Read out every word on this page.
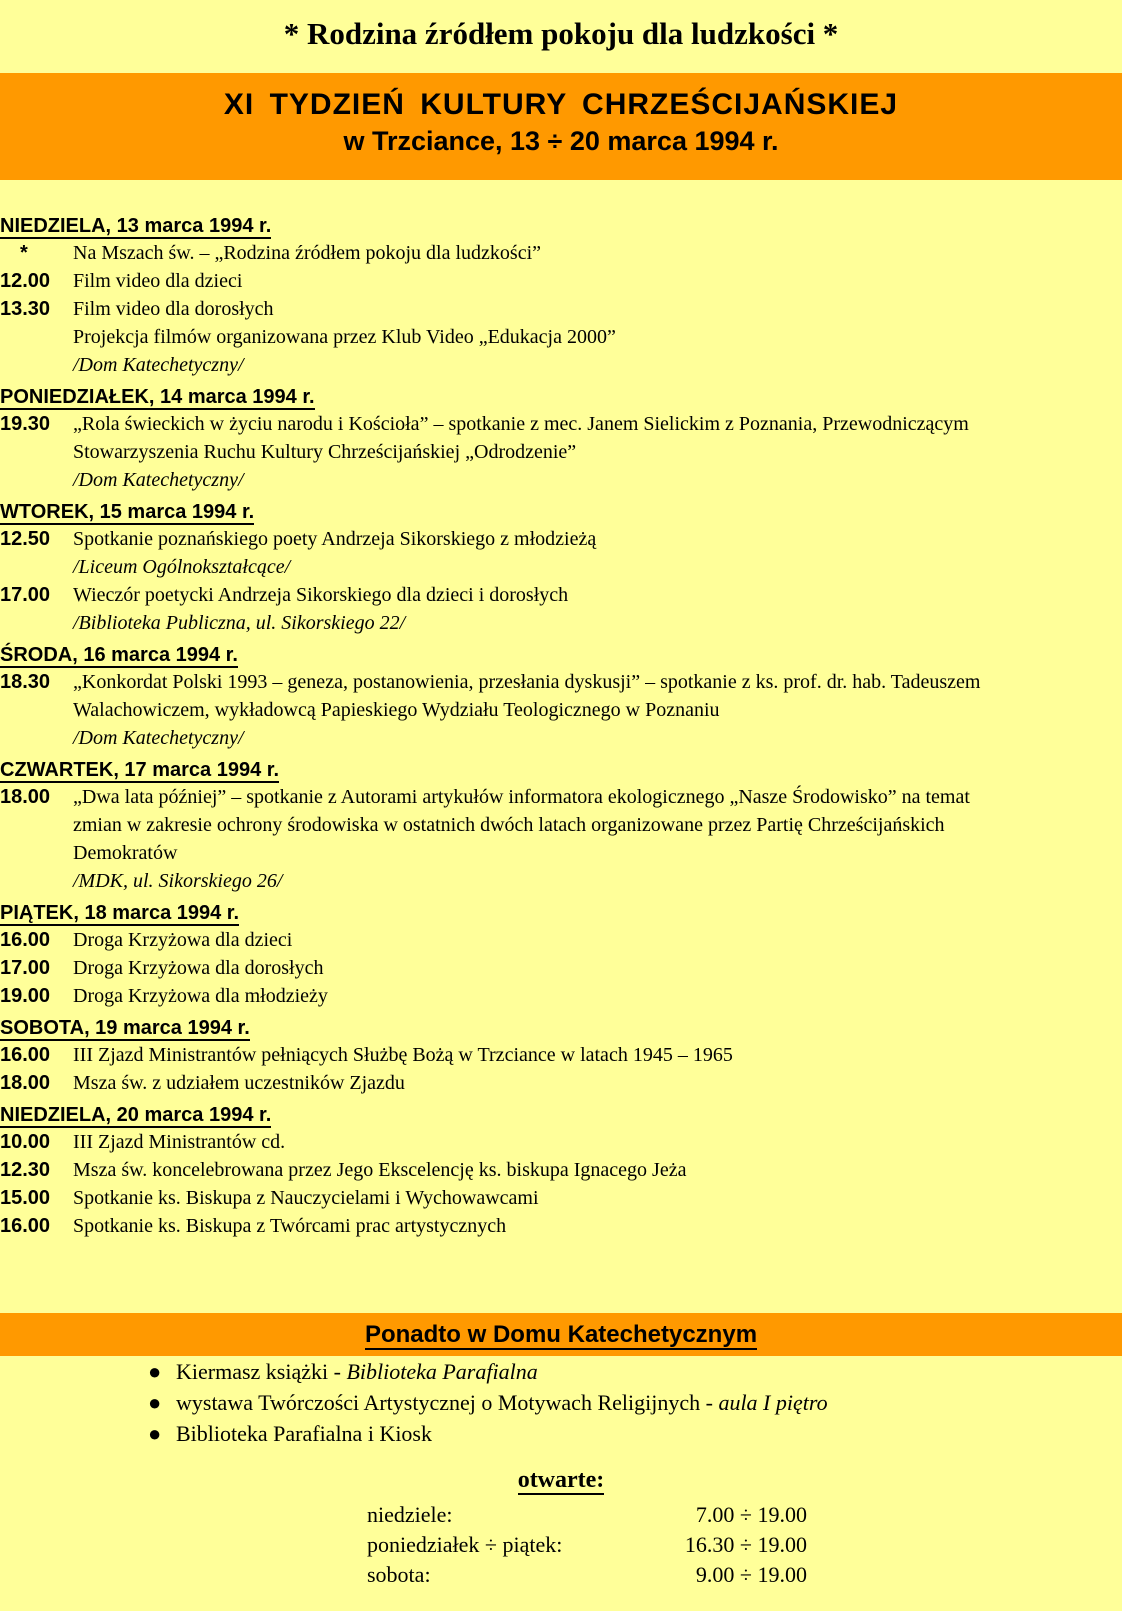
* Rodzina źródłem pokoju dla ludzkości *
XI TYDZIEŃ KULTURY CHRZEŚCIJAŃSKIEJ
w Trzciance, 13 ÷ 20 marca 1994 r.
NIEDZIELA, 13 marca 1994 r.
*	Na Mszach św. – „Rodzina źródłem pokoju dla ludzkości”
12.00	Film video dla dzieci
13.30	Film video dla dorosłych
Projekcja filmów organizowana przez Klub Video „Edukacja 2000”
/Dom Katechetyczny/
PONIEDZIAŁEK, 14 marca 1994 r.
19.30	„Rola świeckich w życiu narodu i Kościoła” – spotkanie z mec. Janem Sielickim z Poznania, Przewodniczącym
Stowarzyszenia Ruchu Kultury Chrześcijańskiej „Odrodzenie”
/Dom Katechetyczny/
WTOREK, 15 marca 1994 r.
12.50	Spotkanie poznańskiego poety Andrzeja Sikorskiego z młodzieżą
/Liceum Ogólnokształcące/
17.00	Wieczór poetycki Andrzeja Sikorskiego dla dzieci i dorosłych
/Biblioteka Publiczna, ul. Sikorskiego 22/
ŚRODA, 16 marca 1994 r.
18.30	„Konkordat Polski 1993 – geneza, postanowienia, przesłania dyskusji” – spotkanie z ks. prof. dr. hab. Tadeuszem
Walachowiczem, wykładowcą Papieskiego Wydziału Teologicznego w Poznaniu
/Dom Katechetyczny/
CZWARTEK, 17 marca 1994 r.
18.00	„Dwa lata później” – spotkanie z Autorami artykułów informatora ekologicznego „Nasze Środowisko” na temat
zmian w zakresie ochrony środowiska w ostatnich dwóch latach organizowane przez Partię Chrześcijańskich
Demokratów
/MDK, ul. Sikorskiego 26/
PIĄTEK, 18 marca 1994 r.
16.00	Droga Krzyżowa dla dzieci
17.00	Droga Krzyżowa dla dorosłych
19.00	Droga Krzyżowa dla młodzieży
SOBOTA, 19 marca 1994 r.
16.00	III Zjazd Ministrantów pełniących Służbę Bożą w Trzciance w latach 1945 – 1965
18.00	Msza św. z udziałem uczestników Zjazdu
NIEDZIELA, 20 marca 1994 r.
10.00	III Zjazd Ministrantów cd.
12.30	Msza św. koncelebrowana przez Jego Ekscelencję ks. biskupa Ignacego Jeża
15.00	Spotkanie ks. Biskupa z Nauczycielami i Wychowawcami
16.00	Spotkanie ks. Biskupa z Twórcami prac artystycznych
Ponadto w Domu Katechetycznym
● Kiermasz książki - Biblioteka Parafialna
● wystawa Twórczości Artystycznej o Motywach Religijnych - aula I piętro
● Biblioteka Parafialna i Kiosk
otwarte:
niedziele:	7.00 ÷ 19.00
poniedziałek ÷ piątek:	16.30 ÷ 19.00
sobota:	9.00 ÷ 19.00
